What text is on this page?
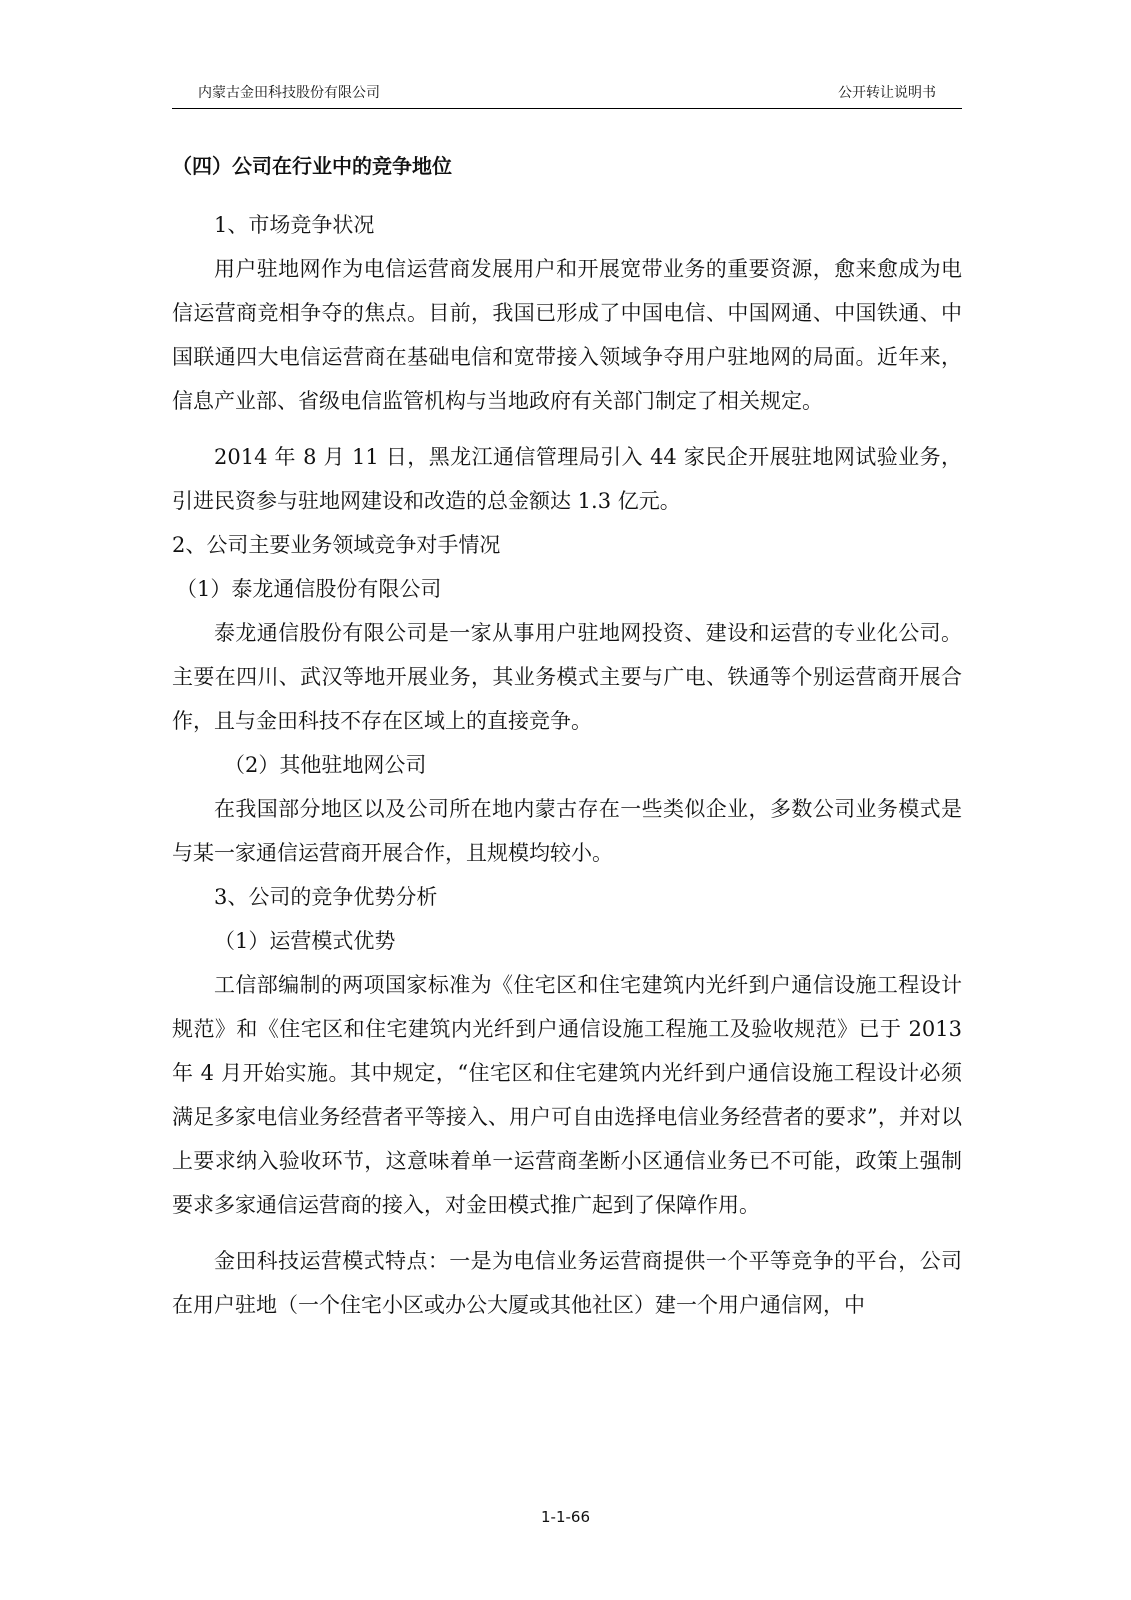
内蒙古金田科技股份有限公司	公开转让说明书

（四）公司在行业中的竞争地位

1、市场竞争状况

用户驻地网作为电信运营商发展用户和开展宽带业务的重要资源，愈来愈成为电信运营商竞相争夺的焦点。目前，我国已形成了中国电信、中国网通、中国铁通、中国联通四大电信运营商在基础电信和宽带接入领域争夺用户驻地网的局面。近年来，信息产业部、省级电信监管机构与当地政府有关部门制定了相关规定。

2014 年 8 月 11 日，黑龙江通信管理局引入 44 家民企开展驻地网试验业务，引进民资参与驻地网建设和改造的总金额达 1.3 亿元。

2、公司主要业务领域竞争对手情况

（1）泰龙通信股份有限公司

泰龙通信股份有限公司是一家从事用户驻地网投资、建设和运营的专业化公司。主要在四川、武汉等地开展业务，其业务模式主要与广电、铁通等个别运营商开展合作，且与金田科技不存在区域上的直接竞争。

（2）其他驻地网公司

在我国部分地区以及公司所在地内蒙古存在一些类似企业，多数公司业务模式是与某一家通信运营商开展合作，且规模均较小。

3、公司的竞争优势分析

（1）运营模式优势

工信部编制的两项国家标准为《住宅区和住宅建筑内光纤到户通信设施工程设计规范》和《住宅区和住宅建筑内光纤到户通信设施工程施工及验收规范》已于 2013 年 4 月开始实施。其中规定，“住宅区和住宅建筑内光纤到户通信设施工程设计必须满足多家电信业务经营者平等接入、用户可自由选择电信业务经营者的要求”，并对以上要求纳入验收环节，这意味着单一运营商垄断小区通信业务已不可能，政策上强制要求多家通信运营商的接入，对金田模式推广起到了保障作用。

金田科技运营模式特点：一是为电信业务运营商提供一个平等竞争的平台，公司在用户驻地（一个住宅小区或办公大厦或其他社区）建一个用户通信网，中

1-1-66
